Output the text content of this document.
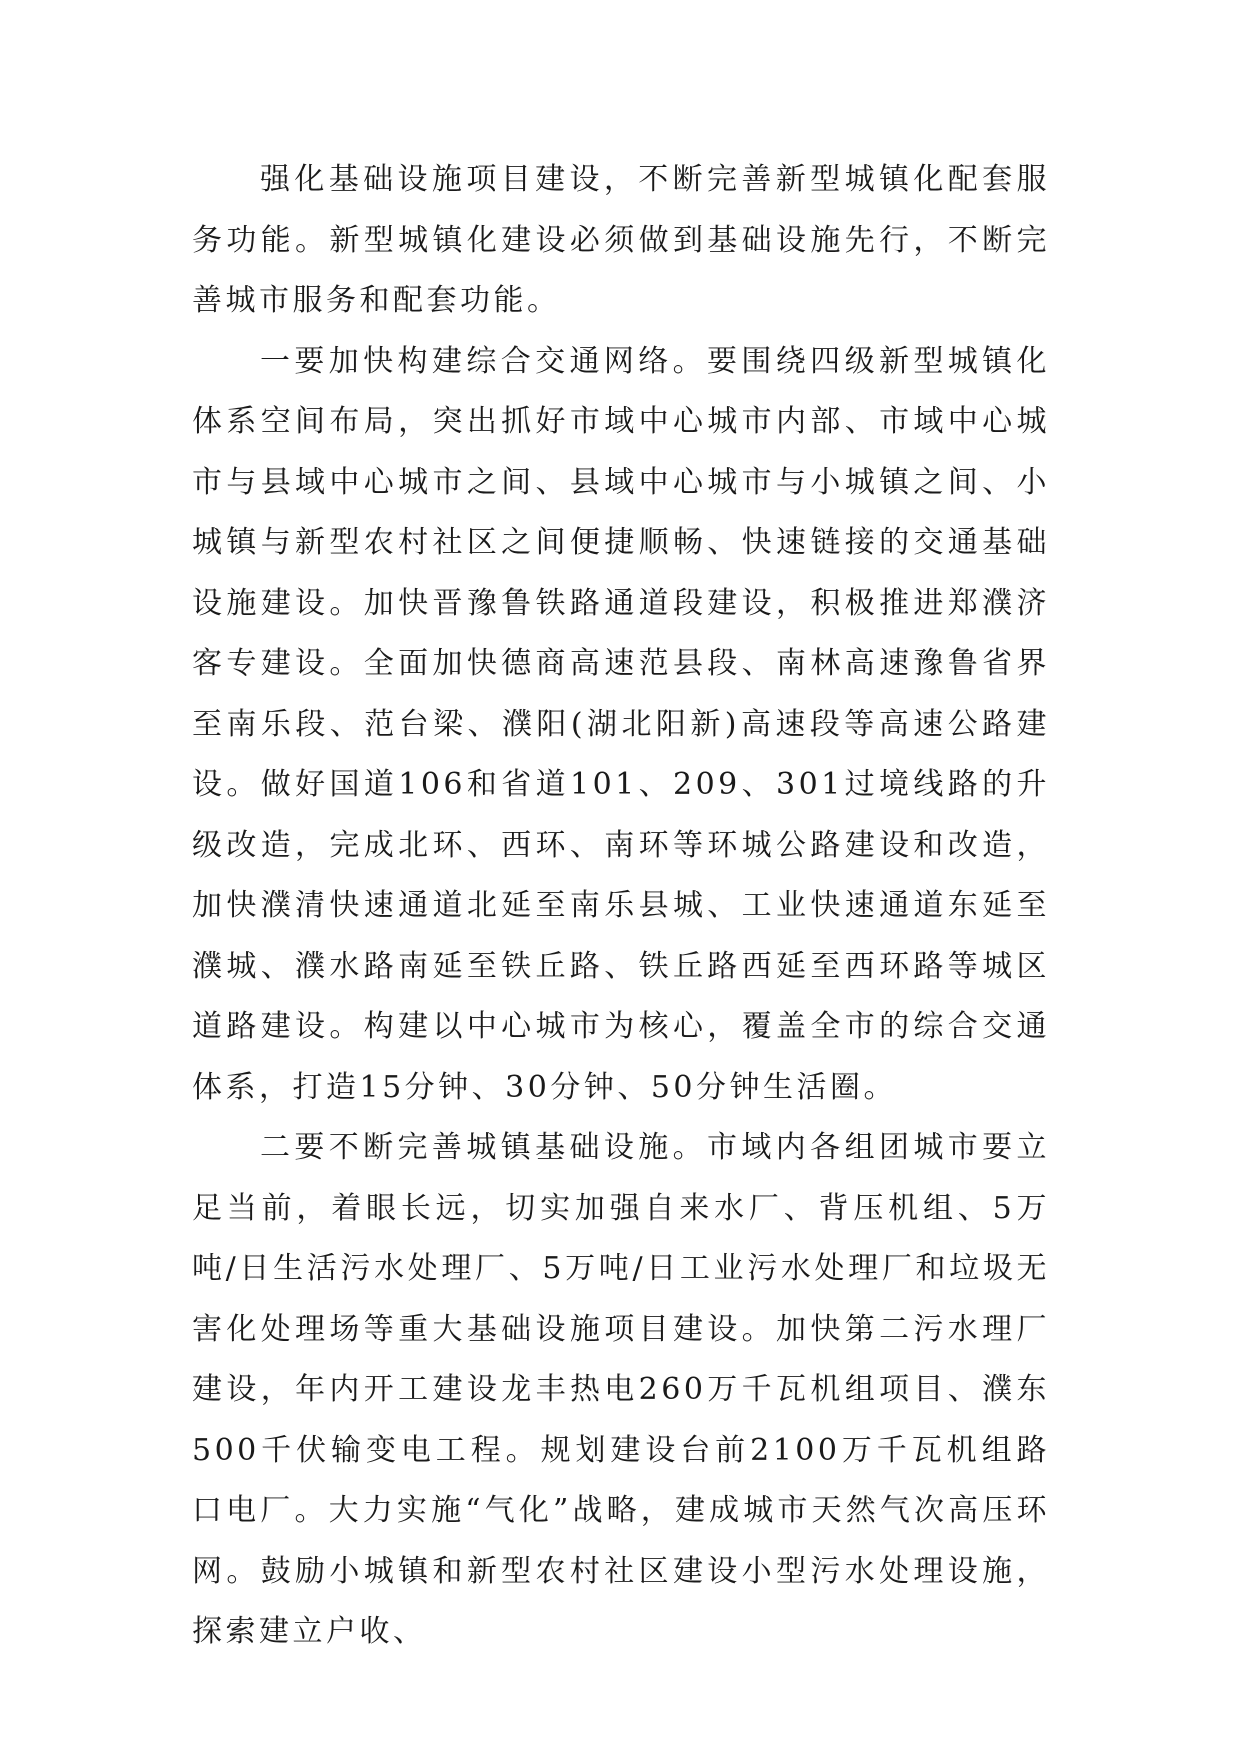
强化基础设施项目建设，不断完善新型城镇化配套服务功能。新型城镇化建设必须做到基础设施先行，不断完善城市服务和配套功能。

一要加快构建综合交通网络。要围绕四级新型城镇化体系空间布局，突出抓好市域中心城市内部、市域中心城市与县域中心城市之间、县域中心城市与小城镇之间、小城镇与新型农村社区之间便捷顺畅、快速链接的交通基础设施建设。加快晋豫鲁铁路通道段建设，积极推进郑濮济客专建设。全面加快德商高速范县段、南林高速豫鲁省界至南乐段、范台梁、濮阳(湖北阳新)高速段等高速公路建设。做好国道106和省道101、209、301过境线路的升级改造，完成北环、西环、南环等环城公路建设和改造，加快濮清快速通道北延至南乐县城、工业快速通道东延至濮城、濮水路南延至铁丘路、铁丘路西延至西环路等城区道路建设。构建以中心城市为核心，覆盖全市的综合交通体系，打造15分钟、30分钟、50分钟生活圈。

二要不断完善城镇基础设施。市域内各组团城市要立足当前，着眼长远，切实加强自来水厂、背压机组、5万吨/日生活污水处理厂、5万吨/日工业污水处理厂和垃圾无害化处理场等重大基础设施项目建设。加快第二污水理厂建设，年内开工建设龙丰热电260万千瓦机组项目、濮东500千伏输变电工程。规划建设台前2100万千瓦机组路口电厂。大力实施“气化”战略，建成城市天然气次高压环网。鼓励小城镇和新型农村社区建设小型污水处理设施，探索建立户收、
